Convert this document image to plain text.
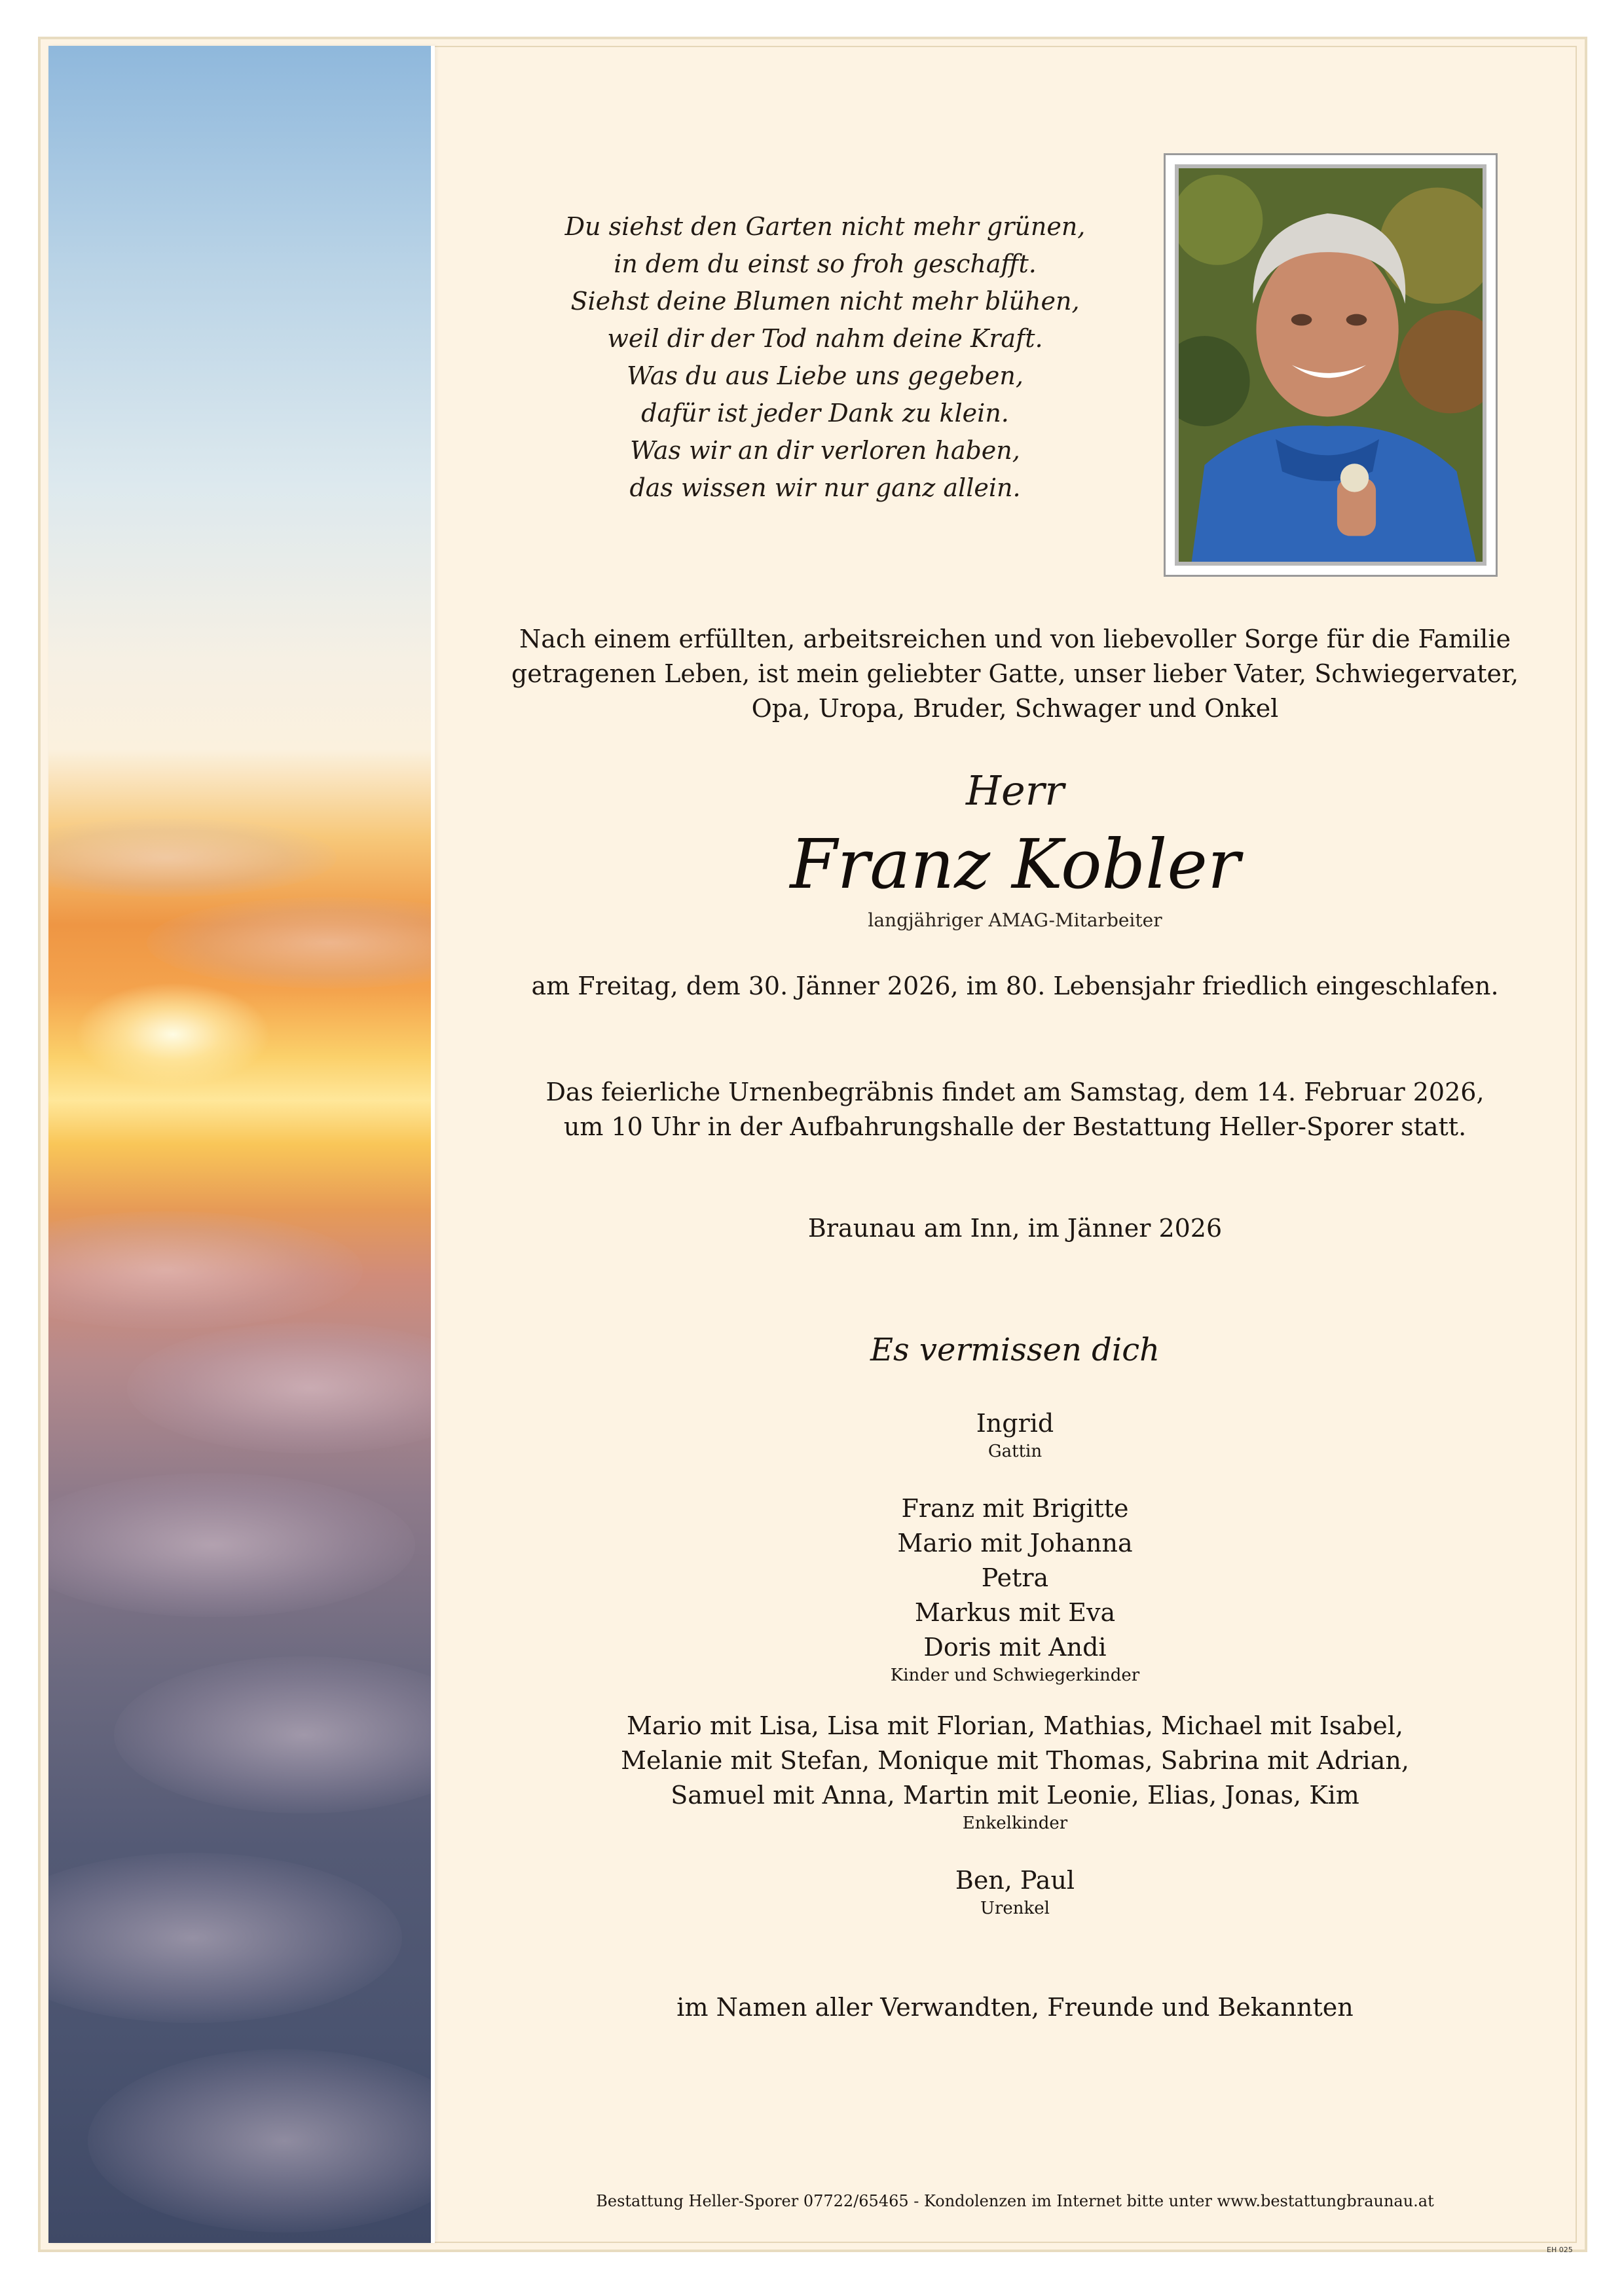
Du siehst den Garten nicht mehr grünen,
in dem du einst so froh geschafft.
Siehst deine Blumen nicht mehr blühen,
weil dir der Tod nahm deine Kraft.
Was du aus Liebe uns gegeben,
dafür ist jeder Dank zu klein.
Was wir an dir verloren haben,
das wissen wir nur ganz allein.
Nach einem erfüllten, arbeitsreichen und von liebevoller Sorge für die Familie
getragenen Leben, ist mein geliebter Gatte, unser lieber Vater, Schwiegervater,
Opa, Uropa, Bruder, Schwager und Onkel
Herr
Franz Kobler
langjähriger AMAG-Mitarbeiter
am Freitag, dem 30. Jänner 2026, im 80. Lebensjahr friedlich eingeschlafen.
Das feierliche Urnenbegräbnis findet am Samstag, dem 14. Februar 2026,
um 10 Uhr in der Aufbahrungshalle der Bestattung Heller-Sporer statt.
Braunau am Inn, im Jänner 2026
Es vermissen dich
Ingrid
Gattin
Franz mit Brigitte
Mario mit Johanna
Petra
Markus mit Eva
Doris mit Andi
Kinder und Schwiegerkinder
Mario mit Lisa, Lisa mit Florian, Mathias, Michael mit Isabel,
Melanie mit Stefan, Monique mit Thomas, Sabrina mit Adrian,
Samuel mit Anna, Martin mit Leonie, Elias, Jonas, Kim
Enkelkinder
Ben, Paul
Urenkel
im Namen aller Verwandten, Freunde und Bekannten
Bestattung Heller-Sporer 07722/65465 - Kondolenzen im Internet bitte unter www.bestattungbraunau.at
EH 025
